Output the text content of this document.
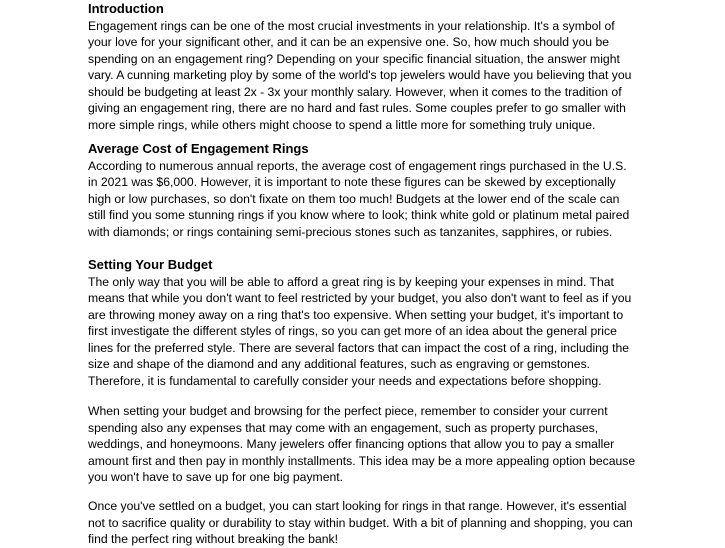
Introduction

Engagement rings can be one of the most crucial investments in your relationship. It's a symbol of
your love for your significant other, and it can be an expensive one. So, how much should you be
spending on an engagement ring? Depending on your specific financial situation, the answer might
vary. A cunning marketing ploy by some of the world's top jewelers would have you believing that you
should be budgeting at least 2x - 3x your monthly salary. However, when it comes to the tradition of
giving an engagement ring, there are no hard and fast rules. Some couples prefer to go smaller with
more simple rings, while others might choose to spend a little more for something truly unique.

Average Cost of Engagement Rings

According to numerous annual reports, the average cost of engagement rings purchased in the U.S.
in 2021 was $6,000. However, it is important to note these figures can be skewed by exceptionally
high or low purchases, so don't fixate on them too much! Budgets at the lower end of the scale can
still find you some stunning rings if you know where to look; think white gold or platinum metal paired
with diamonds; or rings containing semi-precious stones such as tanzanites, sapphires, or rubies.

Setting Your Budget

The only way that you will be able to afford a great ring is by keeping your expenses in mind. That
means that while you don't want to feel restricted by your budget, you also don't want to feel as if you
are throwing money away on a ring that's too expensive. When setting your budget, it's important to
first investigate the different styles of rings, so you can get more of an idea about the general price
lines for the preferred style. There are several factors that can impact the cost of a ring, including the
size and shape of the diamond and any additional features, such as engraving or gemstones.
Therefore, it is fundamental to carefully consider your needs and expectations before shopping.

When setting your budget and browsing for the perfect piece, remember to consider your current
spending also any expenses that may come with an engagement, such as property purchases,
weddings, and honeymoons. Many jewelers offer financing options that allow you to pay a smaller
amount first and then pay in monthly installments. This idea may be a more appealing option because
you won't have to save up for one big payment.

Once you've settled on a budget, you can start looking for rings in that range. However, it's essential
not to sacrifice quality or durability to stay within budget. With a bit of planning and shopping, you can
find the perfect ring without breaking the bank!
